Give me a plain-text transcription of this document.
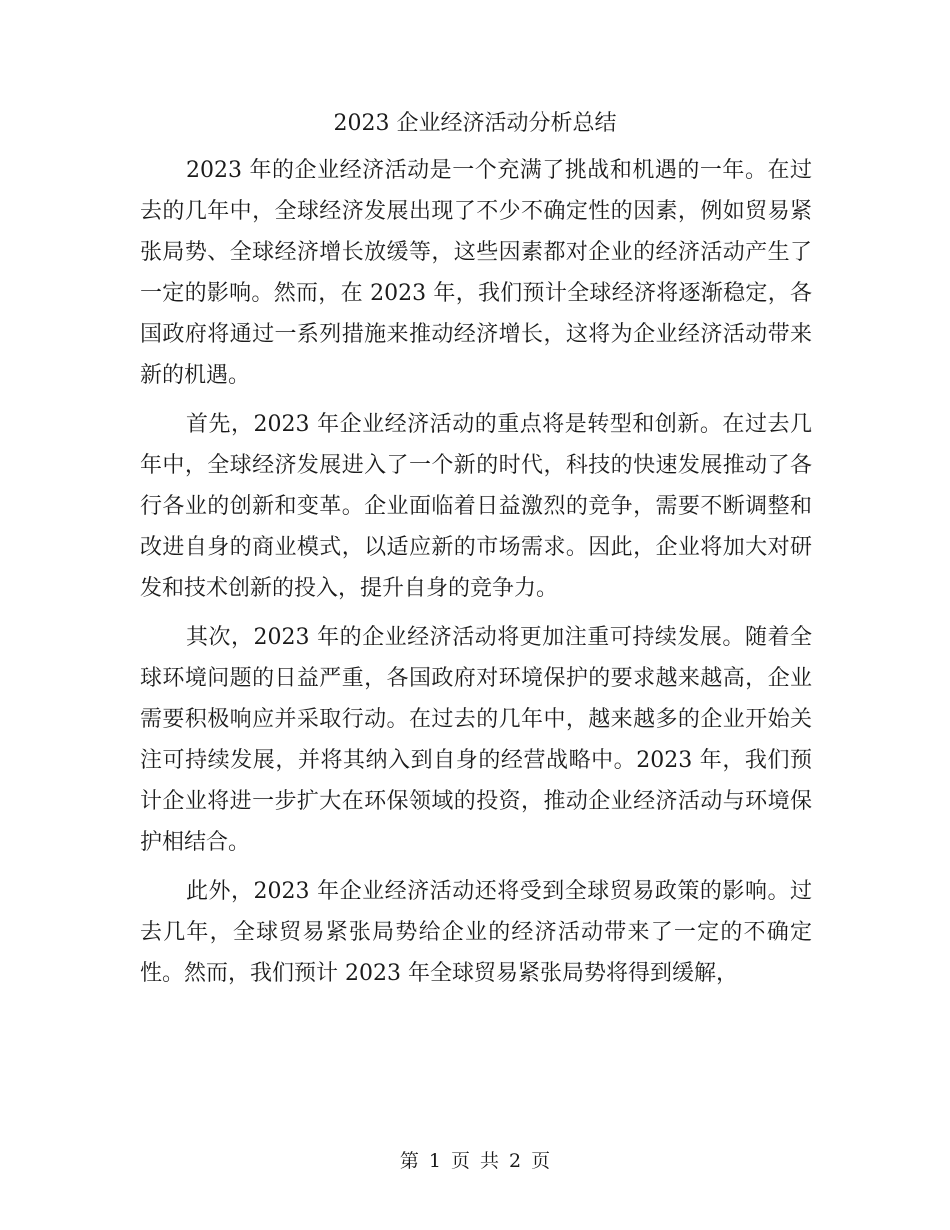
2023 企业经济活动分析总结

2023 年的企业经济活动是一个充满了挑战和机遇的一年。在过去的几年中，全球经济发展出现了不少不确定性的因素，例如贸易紧张局势、全球经济增长放缓等，这些因素都对企业的经济活动产生了一定的影响。然而，在 2023 年，我们预计全球经济将逐渐稳定，各国政府将通过一系列措施来推动经济增长，这将为企业经济活动带来新的机遇。

首先，2023 年企业经济活动的重点将是转型和创新。在过去几年中，全球经济发展进入了一个新的时代，科技的快速发展推动了各行各业的创新和变革。企业面临着日益激烈的竞争，需要不断调整和改进自身的商业模式，以适应新的市场需求。因此，企业将加大对研发和技术创新的投入，提升自身的竞争力。

其次，2023 年的企业经济活动将更加注重可持续发展。随着全球环境问题的日益严重，各国政府对环境保护的要求越来越高，企业需要积极响应并采取行动。在过去的几年中，越来越多的企业开始关注可持续发展，并将其纳入到自身的经营战略中。2023 年，我们预计企业将进一步扩大在环保领域的投资，推动企业经济活动与环境保护相结合。

此外，2023 年企业经济活动还将受到全球贸易政策的影响。过去几年，全球贸易紧张局势给企业的经济活动带来了一定的不确定性。然而，我们预计 2023 年全球贸易紧张局势将得到缓解，

第 1 页 共 2 页
